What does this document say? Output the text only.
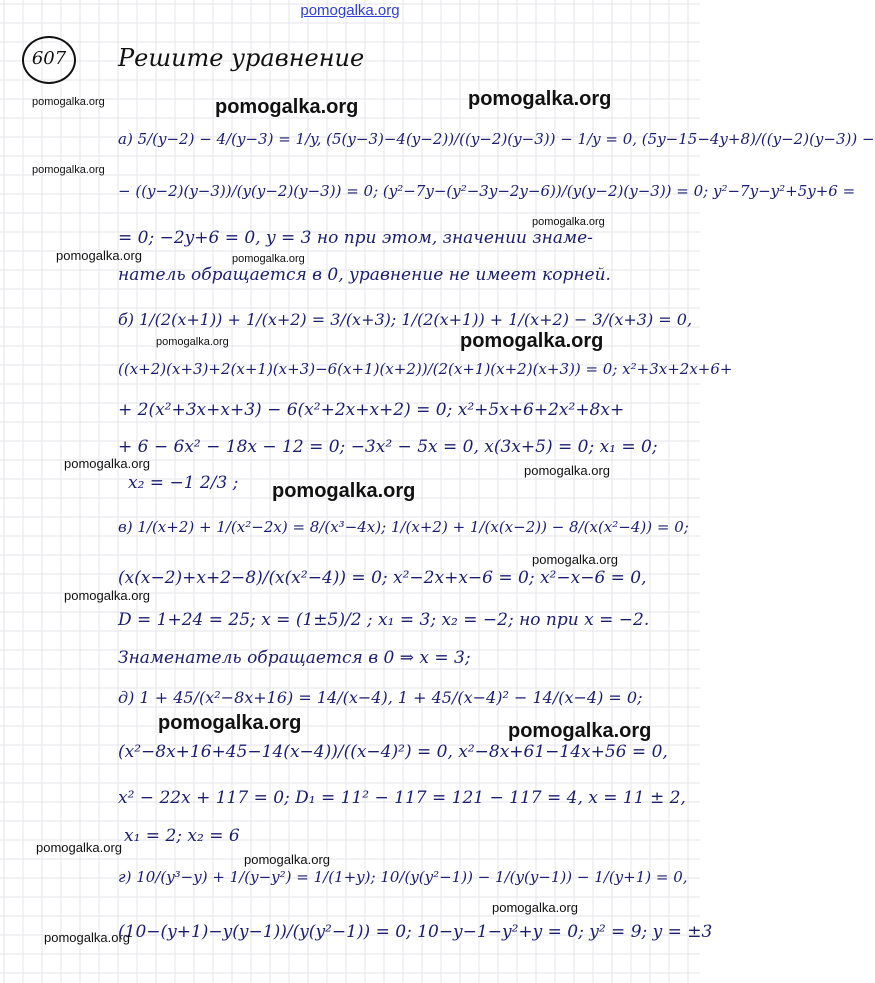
pomogalka.org
607	Решите уравнение
а) 5/(y−2) − 4/(y−3) = 1/y, (5(y−3)−4(y−2))/((y−2)(y−3)) − 1/y = 0, (5y−15−4y+8)/((y−2)(y−3)) −
− ((y−2)(y−3))/(y(y−2)(y−3)) = 0; (y²−7y−(y²−3y−2y−6))/(y(y−2)(y−3)) = 0; y²−7y−y²+5y+6 =
= 0; −2y+6 = 0, y = 3 но при этом, значении знаме-
натель обращается в 0, уравнение не имеет корней.
б) 1/(2(x+1)) + 1/(x+2) = 3/(x+3); 1/(2(x+1)) + 1/(x+2) − 3/(x+3) = 0,
((x+2)(x+3)+2(x+1)(x+3)−6(x+1)(x+2))/(2(x+1)(x+2)(x+3)) = 0; x²+3x+2x+6+
+ 2(x²+3x+x+3) − 6(x²+2x+x+2) = 0; x²+5x+6+2x²+8x+
+ 6 − 6x² − 18x − 12 = 0; −3x² − 5x = 0, x(3x+5) = 0; x₁ = 0;
x₂ = −1 2/3 ;
в) 1/(x+2) + 1/(x²−2x) = 8/(x³−4x); 1/(x+2) + 1/(x(x−2)) − 8/(x(x²−4)) = 0;
(x(x−2)+x+2−8)/(x(x²−4)) = 0; x²−2x+x−6 = 0; x²−x−6 = 0,
D = 1+24 = 25; x = (1±5)/2 ; x₁ = 3; x₂ = −2; но при x = −2.
Знаменатель обращается в 0 ⇒ x = 3;
д) 1 + 45/(x²−8x+16) = 14/(x−4), 1 + 45/(x−4)² − 14/(x−4) = 0;
(x²−8x+16+45−14(x−4))/((x−4)²) = 0, x²−8x+61−14x+56 = 0,
x² − 22x + 117 = 0; D₁ = 11² − 117 = 121 − 117 = 4, x = 11 ± 2,
x₁ = 2; x₂ = 6
г) 10/(y³−y) + 1/(y−y²) = 1/(1+y); 10/(y(y²−1)) − 1/(y(y−1)) − 1/(y+1) = 0,
(10−(y+1)−y(y−1))/(y(y²−1)) = 0; 10−y−1−y²+y = 0; y² = 9; y = ±3
pomogalka.org	pomogalka.org	pomogalka.org
pomogalka.org
pomogalka.org
pomogalka.org
pomogalka.org
pomogalka.org	pomogalka.org
pomogalka.org	pomogalka.org
pomogalka.org
pomogalka.org
pomogalka.org
pomogalka.org	pomogalka.org
pomogalka.org
pomogalka.org
pomogalka.org
pomogalka.org
